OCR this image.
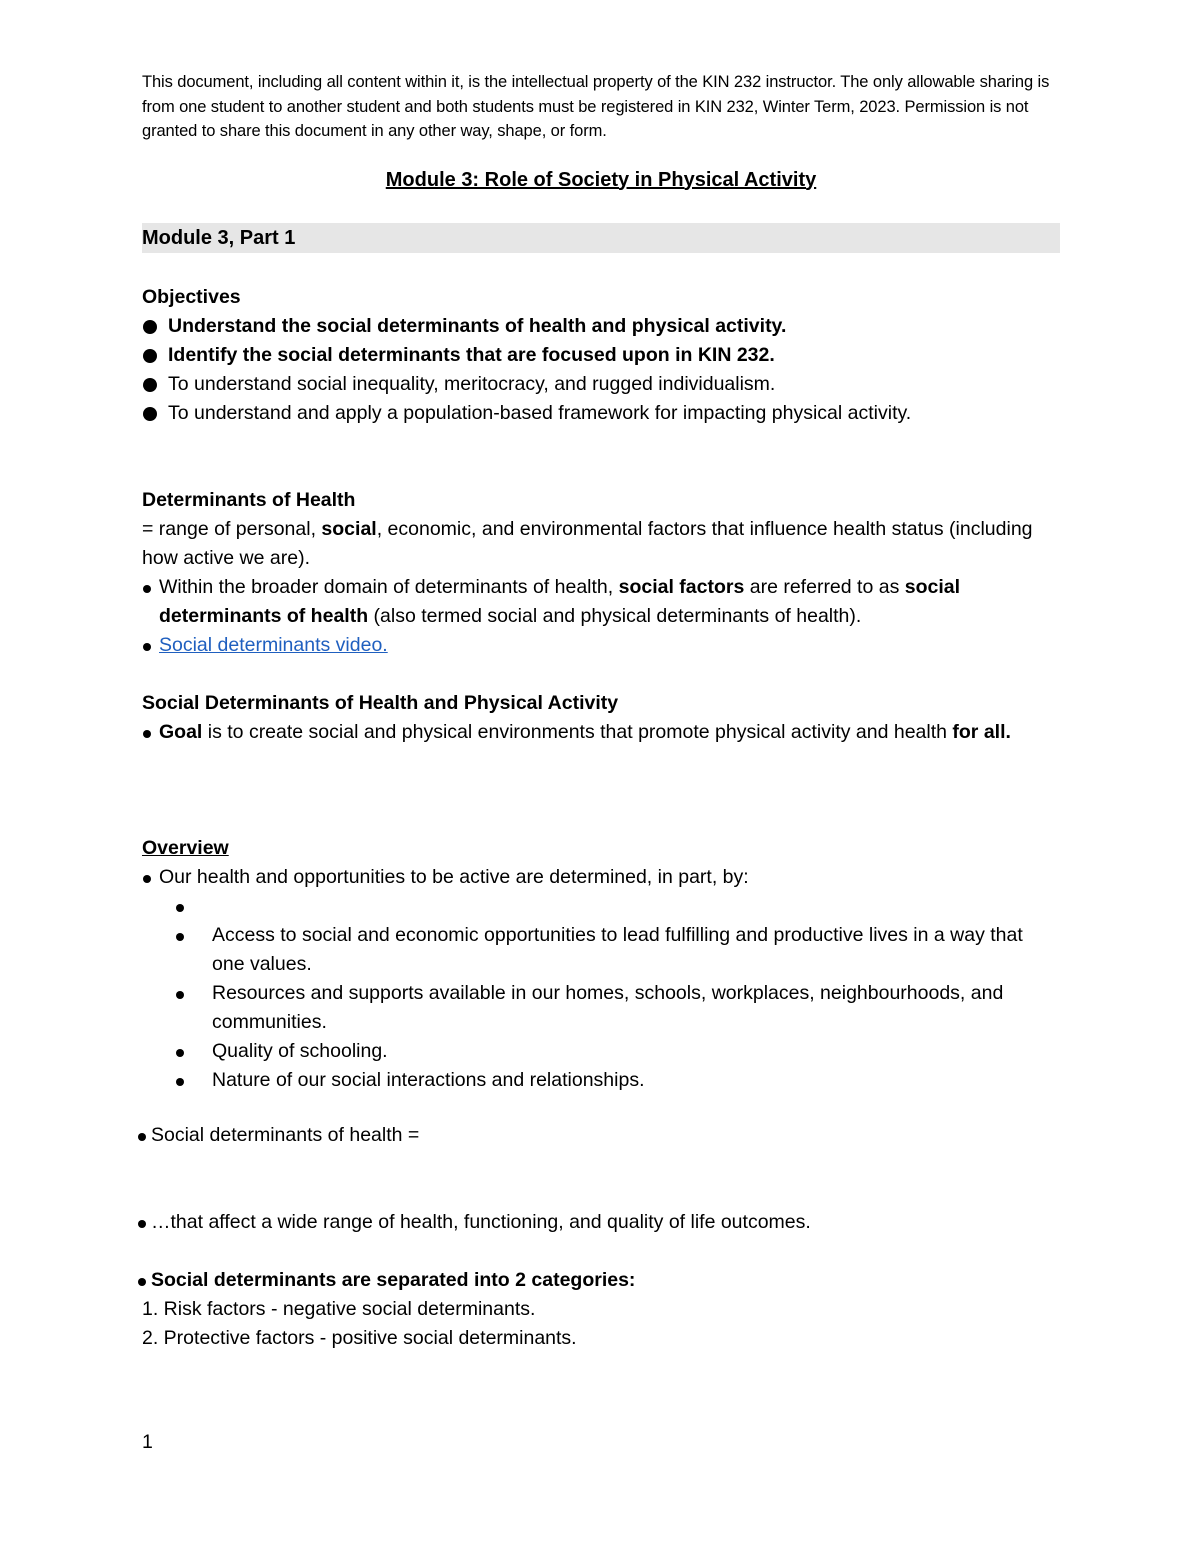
This document, including all content within it, is the intellectual property of the KIN 232 instructor. The only allowable sharing is from one student to another student and both students must be registered in KIN 232, Winter Term, 2023. Permission is not granted to share this document in any other way, shape, or form.

Module 3: Role of Society in Physical Activity
Module 3, Part 1
Objectives
Understand the social determinants of health and physical activity.
Identify the social determinants that are focused upon in KIN 232.
To understand social inequality, meritocracy, and rugged individualism.
To understand and apply a population-based framework for impacting physical activity.
Determinants of Health
= range of personal, social, economic, and environmental factors that influence health status (including how active we are).
Within the broader domain of determinants of health, social factors are referred to as social determinants of health (also termed social and physical determinants of health).
Social determinants video.
Social Determinants of Health and Physical Activity
Goal is to create social and physical environments that promote physical activity and health for all.
Overview
Our health and opportunities to be active are determined, in part, by:
Access to social and economic opportunities to lead fulfilling and productive lives in a way that one values.
Resources and supports available in our homes, schools, workplaces, neighbourhoods, and communities.
Quality of schooling.
Nature of our social interactions and relationships.
Social determinants of health =
…that affect a wide range of health, functioning, and quality of life outcomes.
Social determinants are separated into 2 categories:
1. Risk factors - negative social determinants.
2. Protective factors - positive social determinants.
1
